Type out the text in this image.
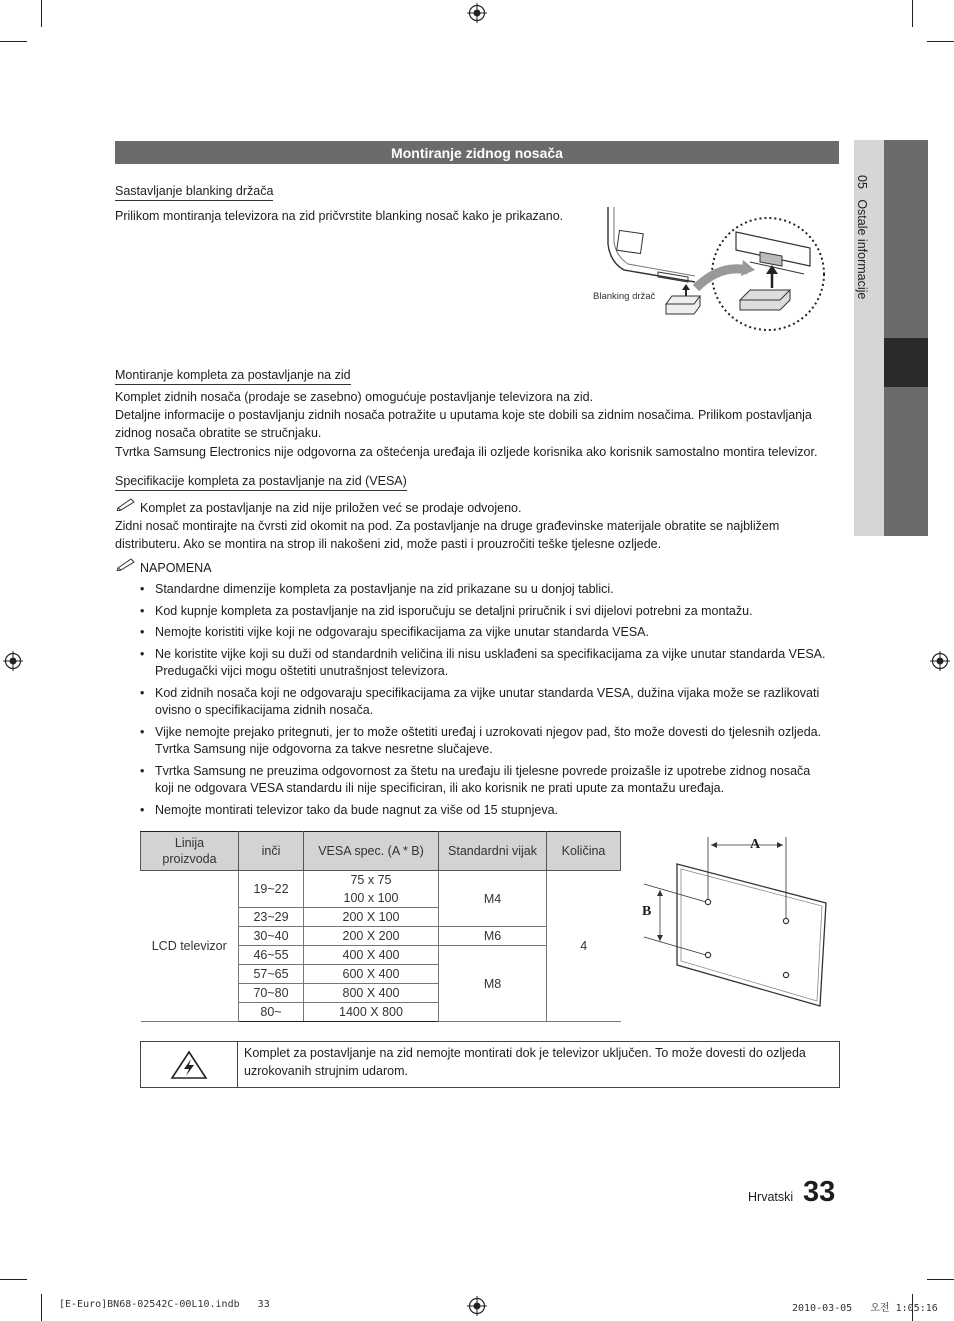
05   Ostale informacije
Montiranje zidnog nosača
Sastavljanje blanking držača
Prilikom montiranja televizora na zid pričvrstite blanking nosač kako je prikazano.
Blanking držač
Montiranje kompleta za postavljanje na zid
Komplet zidnih nosača (prodaje se zasebno) omogućuje postavljanje televizora na zid.
Detaljne informacije o postavljanju zidnih nosača potražite u uputama koje ste dobili sa zidnim nosačima. Prilikom postavljanja
zidnog nosača obratite se stručnjaku.
Tvrtka Samsung Electronics nije odgovorna za oštećenja uređaja ili ozljede korisnika ako korisnik samostalno montira televizor.
Specifikacije kompleta za postavljanje na zid (VESA)
Komplet za postavljanje na zid nije priložen već se prodaje odvojeno.
Zidni nosač montirajte na čvrsti zid okomit na pod. Za postavljanje na druge građevinske materijale obratite se najbližem
distributeru. Ako se montira na strop ili nakošeni zid, može pasti i prouzročiti teške tjelesne ozljede.
NAPOMENA
• Standardne dimenzije kompleta za postavljanje na zid prikazane su u donjoj tablici.
• Kod kupnje kompleta za postavljanje na zid isporučuju se detaljni priručnik i svi dijelovi potrebni za montažu.
• Nemojte koristiti vijke koji ne odgovaraju specifikacijama za vijke unutar standarda VESA.
• Ne koristite vijke koji su duži od standardnih veličina ili nisu usklađeni sa specifikacijama za vijke unutar standarda VESA. Predugački vijci mogu oštetiti unutrašnjost televizora.
• Kod zidnih nosača koji ne odgovaraju specifikacijama za vijke unutar standarda VESA, dužina vijaka može se razlikovati ovisno o specifikacijama zidnih nosača.
• Vijke nemojte prejako pritegnuti, jer to može oštetiti uređaj i uzrokovati njegov pad, što može dovesti do tjelesnih ozljeda. Tvrtka Samsung nije odgovorna za takve nesretne slučajeve.
• Tvrtka Samsung ne preuzima odgovornost za štetu na uređaju ili tjelesne povrede proizašle iz upotrebe zidnog nosača koji ne odgovara VESA standardu ili nije specificiran, ili ako korisnik ne prati upute za montažu uređaja.
• Nemojte montirati televizor tako da bude nagnut za više od 15 stupnjeva.
Linija proizvoda	inči	VESA spec. (A * B)	Standardni vijak	Količina
LCD televizor	19~22	75 x 75	M4	4
		100 x 100		
	23~29	200 X 100		
	30~40	200 X 200	M6	
	46~55	400 X 400	M8	
	57~65	600 X 400		
	70~80	800 X 400		
	80~	1400 X 800		
A
B
Komplet za postavljanje na zid nemojte montirati dok je televizor uključen. To može dovesti do ozljeda uzrokovanih strujnim udarom.
Hrvatski 33
[E-Euro]BN68-02542C-00L10.indb   33	2010-03-05   오전 1:05:16
